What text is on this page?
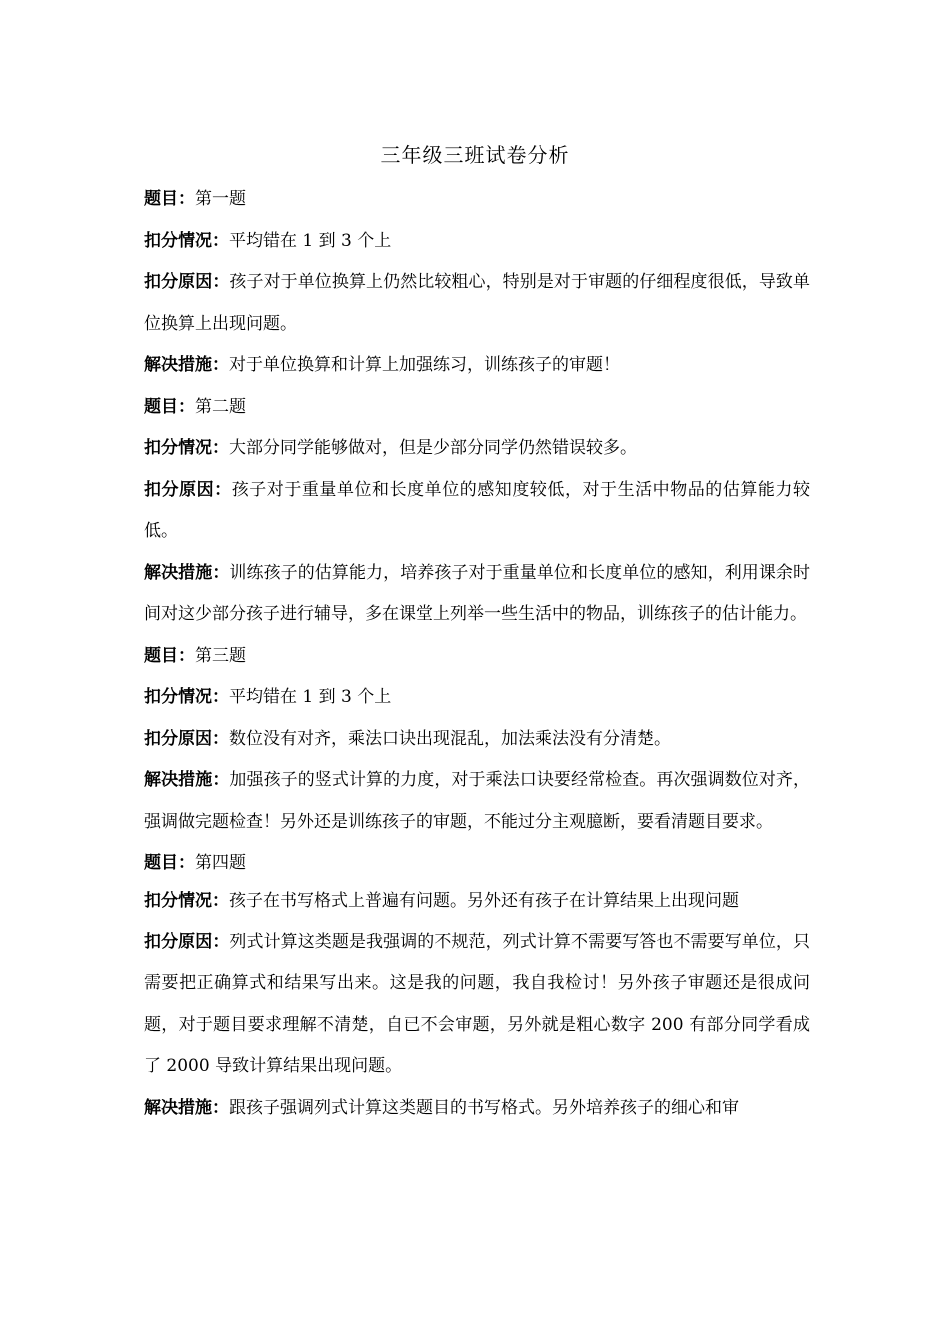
三年级三班试卷分析

题目：第一题

扣分情况：平均错在 1 到 3 个上

扣分原因：孩子对于单位换算上仍然比较粗心，特别是对于审题的仔细程度很低，导致单位换算上出现问题。

解决措施：对于单位换算和计算上加强练习，训练孩子的审题！

题目：第二题

扣分情况：大部分同学能够做对，但是少部分同学仍然错误较多。

扣分原因：孩子对于重量单位和长度单位的感知度较低，对于生活中物品的估算能力较低。

解决措施：训练孩子的估算能力，培养孩子对于重量单位和长度单位的感知，利用课余时间对这少部分孩子进行辅导，多在课堂上列举一些生活中的物品，训练孩子的估计能力。

题目：第三题

扣分情况：平均错在 1 到 3 个上

扣分原因：数位没有对齐，乘法口诀出现混乱，加法乘法没有分清楚。

解决措施：加强孩子的竖式计算的力度，对于乘法口诀要经常检查。再次强调数位对齐，强调做完题检查！另外还是训练孩子的审题，不能过分主观臆断，要看清题目要求。

题目：第四题

扣分情况：孩子在书写格式上普遍有问题。另外还有孩子在计算结果上出现问题

扣分原因：列式计算这类题是我强调的不规范，列式计算不需要写答也不需要写单位，只需要把正确算式和结果写出来。这是我的问题，我自我检讨！另外孩子审题还是很成问题，对于题目要求理解不清楚，自已不会审题，另外就是粗心数字 200 有部分同学看成了 2000 导致计算结果出现问题。

解决措施：跟孩子强调列式计算这类题目的书写格式。另外培养孩子的细心和审
